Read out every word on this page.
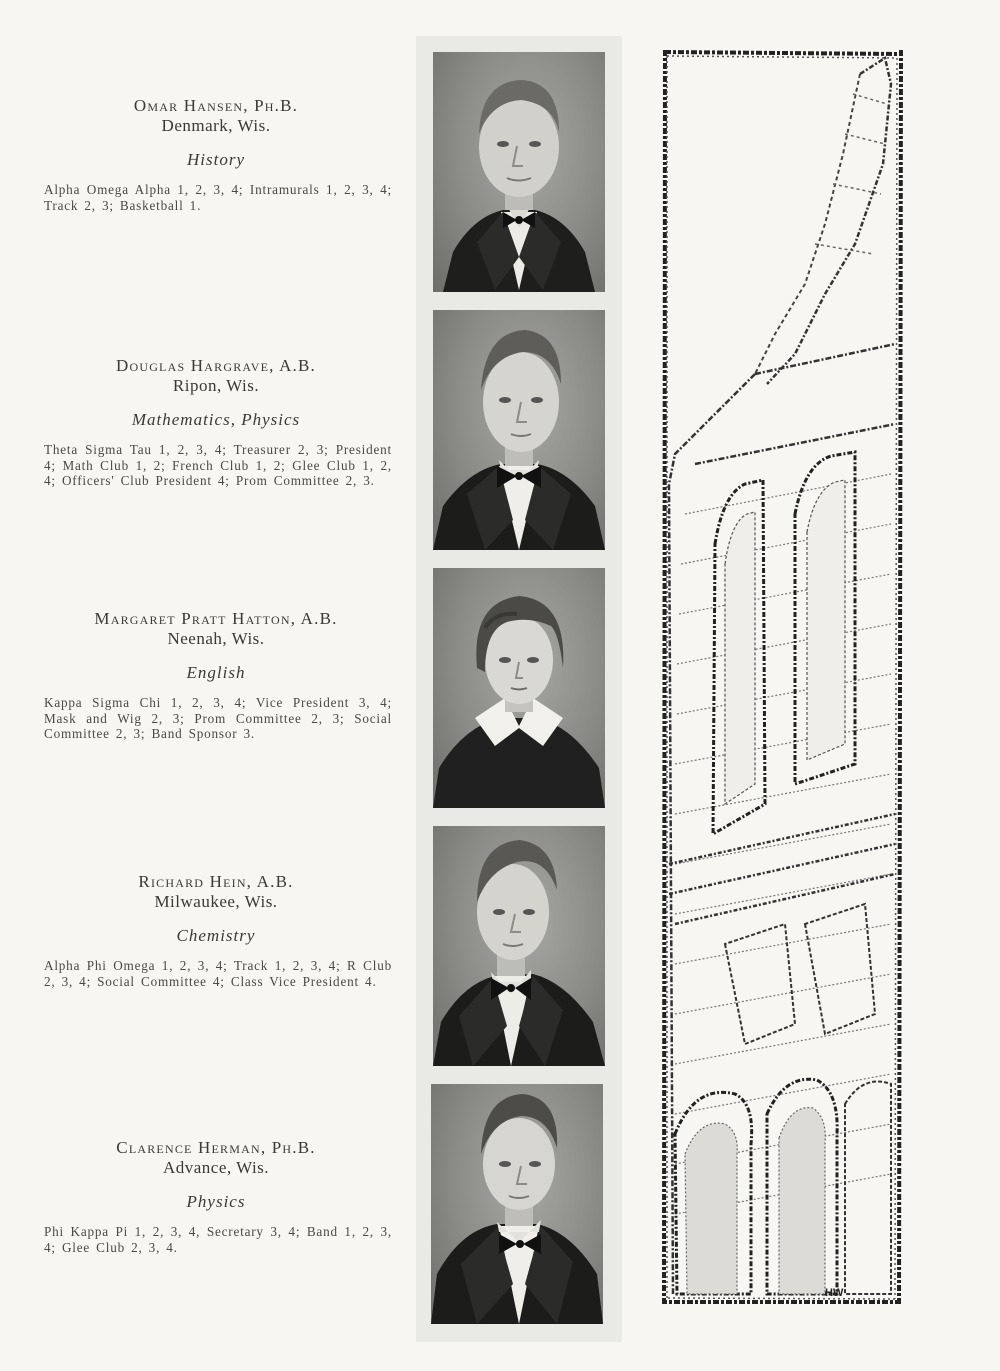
Omar Hansen, Ph.B.

Denmark, Wis.

History

Alpha Omega Alpha 1, 2, 3, 4; Intramurals 1, 2, 3, 4; Track 2, 3; Basketball 1.

Douglas Hargrave, A.B.

Ripon, Wis.

Mathematics, Physics

Theta Sigma Tau 1, 2, 3, 4; Treasurer 2, 3; President 4; Math Club 1, 2; French Club 1, 2; Glee Club 1, 2, 4; Officers' Club President 4; Prom Committee 2, 3.

Margaret Pratt Hatton, A.B.

Neenah, Wis.

English

Kappa Sigma Chi 1, 2, 3, 4; Vice President 3, 4; Mask and Wig 2, 3; Prom Committee 2, 3; Social Committee 2, 3; Band Sponsor 3.

Richard Hein, A.B.

Milwaukee, Wis.

Chemistry

Alpha Phi Omega 1, 2, 3, 4; Track 1, 2, 3, 4; R Club 2, 3, 4; Social Committee 4; Class Vice President 4.

Clarence Herman, Ph.B.

Advance, Wis.

Physics

Phi Kappa Pi 1, 2, 3, 4, Secretary 3, 4; Band 1, 2, 3, 4; Glee Club 2, 3, 4.

HW
